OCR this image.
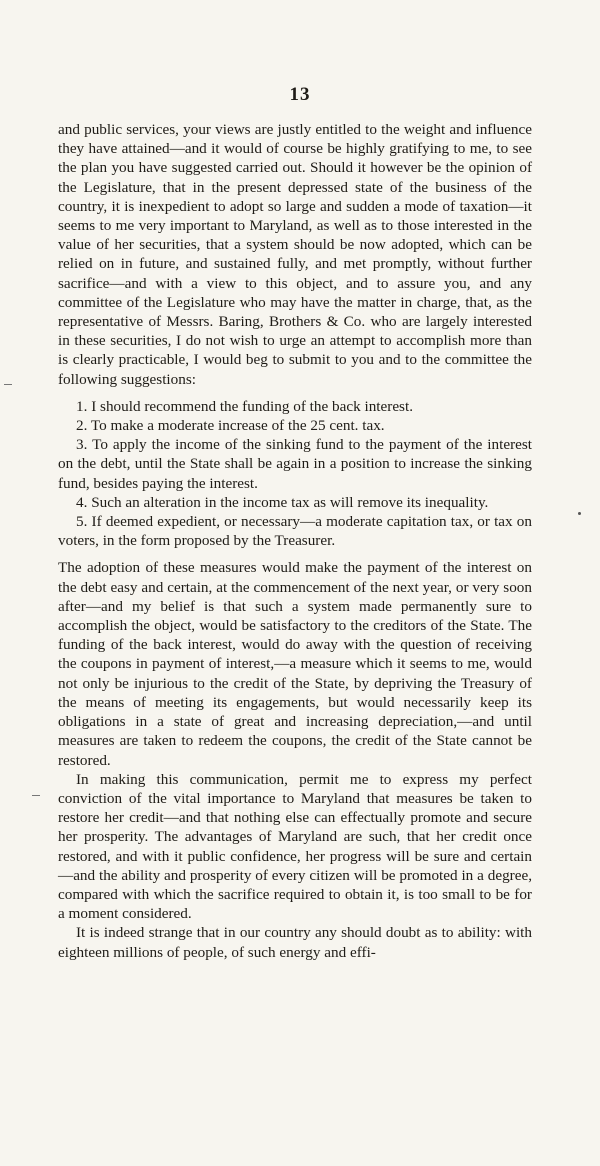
13

and public services, your views are justly entitled to the weight and influence they have attained—and it would of course be highly gratifying to me, to see the plan you have suggested carried out. Should it however be the opinion of the Legislature, that in the present depressed state of the business of the country, it is inexpedient to adopt so large and sudden a mode of taxation—it seems to me very important to Maryland, as well as to those interested in the value of her securities, that a system should be now adopted, which can be relied on in future, and sustained fully, and met promptly, without further sacrifice—and with a view to this object, and to assure you, and any committee of the Legislature who may have the matter in charge, that, as the representative of Messrs. Baring, Brothers & Co. who are largely interested in these securities, I do not wish to urge an attempt to accomplish more than is clearly practicable, I would beg to submit to you and to the committee the following suggestions:

1. I should recommend the funding of the back interest.

2. To make a moderate increase of the 25 cent. tax.

3. To apply the income of the sinking fund to the payment of the interest on the debt, until the State shall be again in a position to increase the sinking fund, besides paying the interest.

4. Such an alteration in the income tax as will remove its inequality.

5. If deemed expedient, or necessary—a moderate capitation tax, or tax on voters, in the form proposed by the Treasurer.

The adoption of these measures would make the payment of the interest on the debt easy and certain, at the commencement of the next year, or very soon after—and my belief is that such a system made permanently sure to accomplish the object, would be satisfactory to the creditors of the State. The funding of the back interest, would do away with the question of receiving the coupons in payment of interest,—a measure which it seems to me, would not only be injurious to the credit of the State, by depriving the Treasury of the means of meeting its engagements, but would necessarily keep its obligations in a state of great and increasing depreciation,—and until measures are taken to redeem the coupons, the credit of the State cannot be restored.

In making this communication, permit me to express my perfect conviction of the vital importance to Maryland that measures be taken to restore her credit—and that nothing else can effectually promote and secure her prosperity. The advantages of Maryland are such, that her credit once restored, and with it public confidence, her progress will be sure and certain—and the ability and prosperity of every citizen will be promoted in a degree, compared with which the sacrifice required to obtain it, is too small to be for a moment considered.

It is indeed strange that in our country any should doubt as to ability: with eighteen millions of people, of such energy and effi-
